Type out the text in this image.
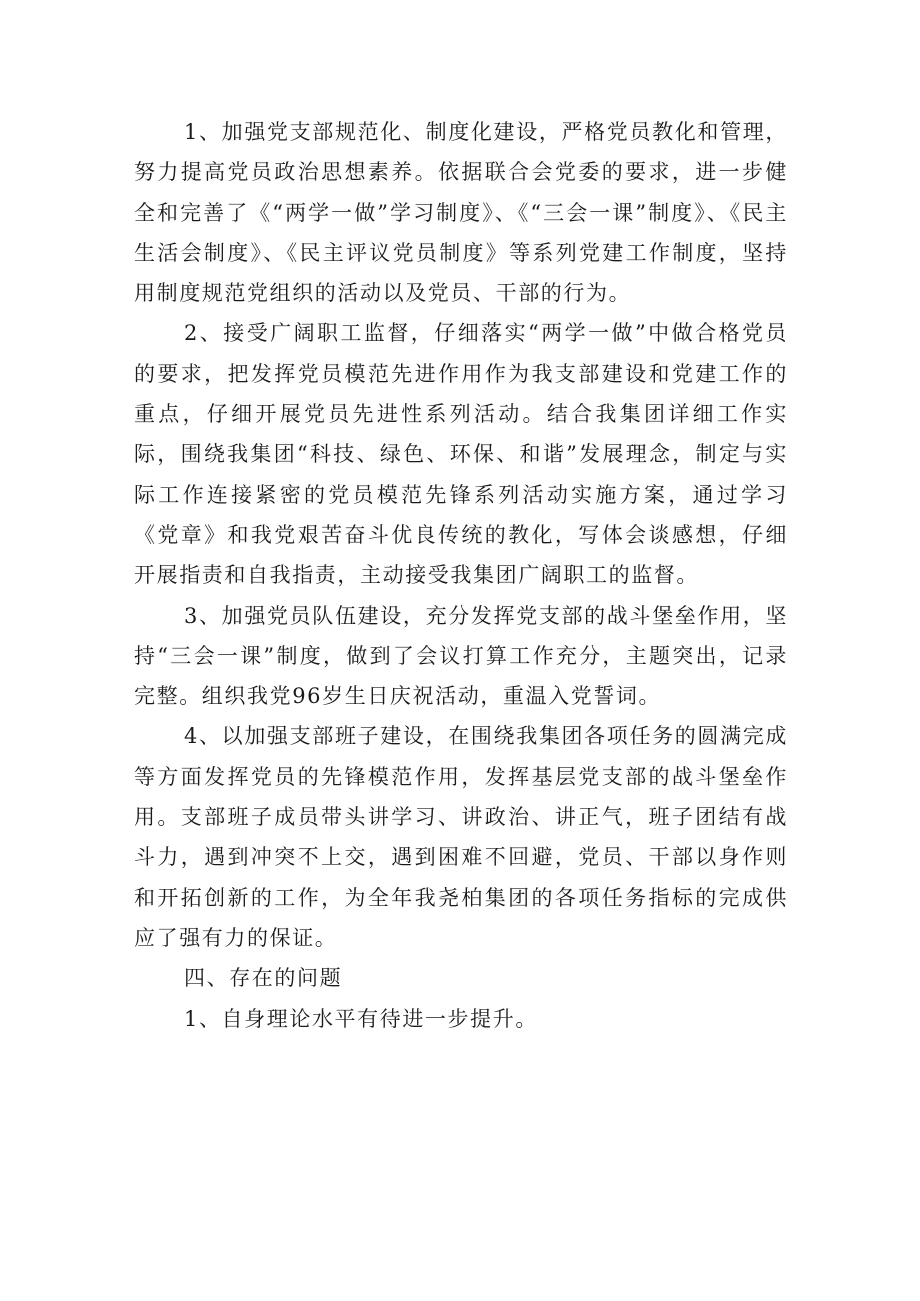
1、加强党支部规范化、制度化建设，严格党员教化和管理，努力提高党员政治思想素养。依据联合会党委的要求，进一步健全和完善了《“两学一做”学习制度》、《“三会一课”制度》、《民主生活会制度》、《民主评议党员制度》等系列党建工作制度，坚持用制度规范党组织的活动以及党员、干部的行为。

2、接受广阔职工监督，仔细落实“两学一做”中做合格党员的要求，把发挥党员模范先进作用作为我支部建设和党建工作的重点，仔细开展党员先进性系列活动。结合我集团详细工作实际，围绕我集团“科技、绿色、环保、和谐”发展理念，制定与实际工作连接紧密的党员模范先锋系列活动实施方案，通过学习《党章》和我党艰苦奋斗优良传统的教化，写体会谈感想，仔细开展指责和自我指责，主动接受我集团广阔职工的监督。

3、加强党员队伍建设，充分发挥党支部的战斗堡垒作用，坚持“三会一课”制度，做到了会议打算工作充分，主题突出，记录完整。组织我党96岁生日庆祝活动，重温入党誓词。

4、以加强支部班子建设，在围绕我集团各项任务的圆满完成等方面发挥党员的先锋模范作用，发挥基层党支部的战斗堡垒作用。支部班子成员带头讲学习、讲政治、讲正气，班子团结有战斗力，遇到冲突不上交，遇到困难不回避，党员、干部以身作则和开拓创新的工作，为全年我尧柏集团的各项任务指标的完成供应了强有力的保证。

四、存在的问题

1、自身理论水平有待进一步提升。
